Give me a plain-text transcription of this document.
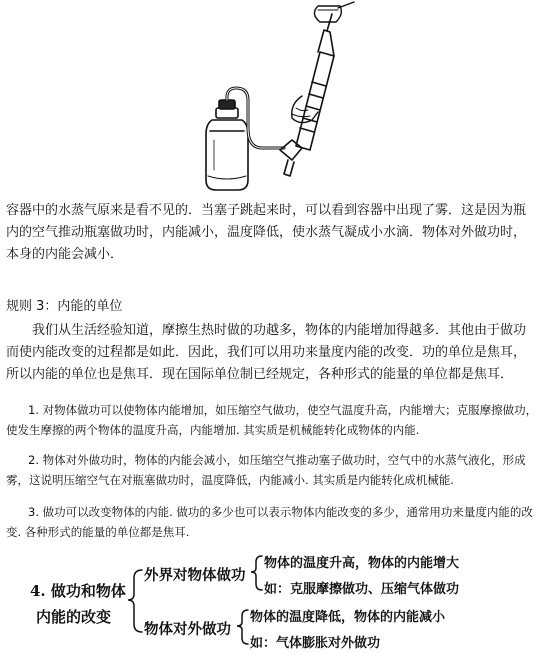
容器中的水蒸气原来是看不见的．当塞子跳起来时，可以看到容器中出现了雾．这是因为瓶内的空气推动瓶塞做功时，内能减小，温度降低，使水蒸气凝成小水滴．物体对外做功时，本身的内能会减小．

规则 3：内能的单位

我们从生活经验知道，摩擦生热时做的功越多，物体的内能增加得越多．其他由于做功而使内能改变的过程都是如此．因此，我们可以用功来量度内能的改变．功的单位是焦耳，所以内能的单位也是焦耳．现在国际单位制已经规定，各种形式的能量的单位都是焦耳．

1. 对物体做功可以使物体内能增加，如压缩空气做功，使空气温度升高，内能增大；克服摩擦做功，使发生摩擦的两个物体的温度升高，内能增加. 其实质是机械能转化成物体的内能.

2. 物体对外做功时，物体的内能会减小，如压缩空气推动塞子做功时，空气中的水蒸气液化，形成雾，这说明压缩空气在对瓶塞做功时，温度降低，内能减小. 其实质是内能转化成机械能.

3. 做功可以改变物体的内能. 做功的多少也可以表示物体内能改变的多少，通常用功来量度内能的改变. 各种形式的能量的单位都是焦耳.

4. 做功和物体
内能的改变
外界对物体做功
物体的温度升高，物体的内能增大
如：克服摩擦做功、压缩气体做功
物体对外做功
物体的温度降低，物体的内能减小
如：气体膨胀对外做功
